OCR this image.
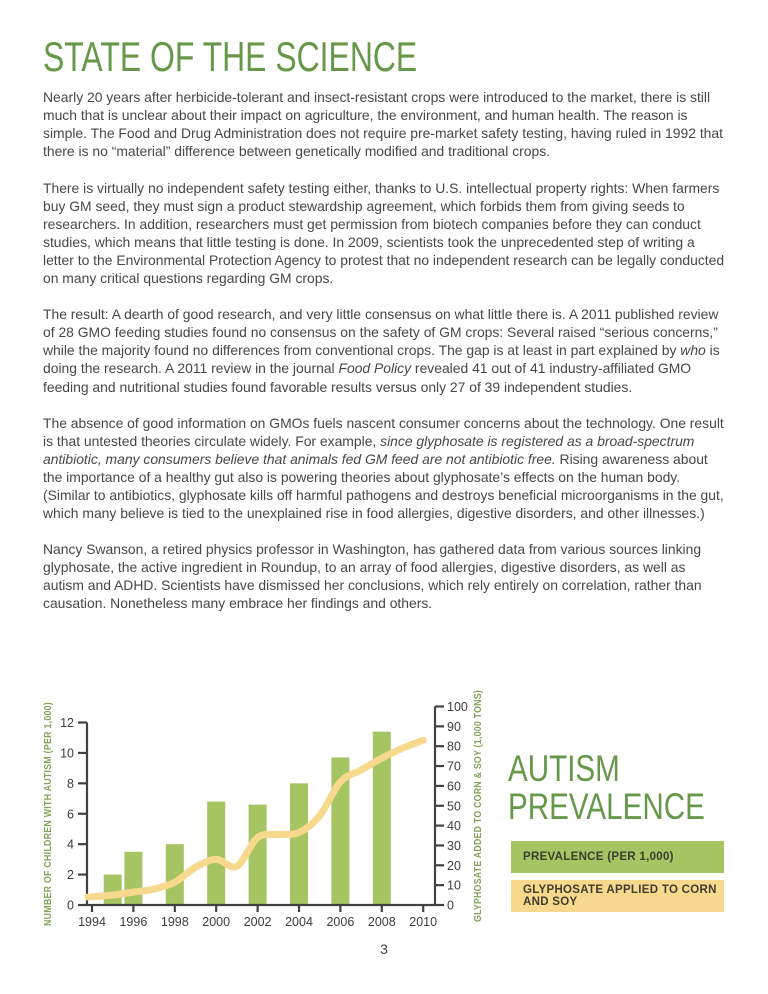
STATE OF THE SCIENCE

Nearly 20 years after herbicide-tolerant and insect-resistant crops were introduced to the market, there is still much that is unclear about their impact on agriculture, the environment, and human health. The reason is simple. The Food and Drug Administration does not require pre-market safety testing, having ruled in 1992 that there is no “material” difference between genetically modified and traditional crops.

There is virtually no independent safety testing either, thanks to U.S. intellectual property rights: When farmers buy GM seed, they must sign a product stewardship agreement, which forbids them from giving seeds to researchers. In addition, researchers must get permission from biotech companies before they can conduct studies, which means that little testing is done. In 2009, scientists took the unprecedented step of writing a letter to the Environmental Protection Agency to protest that no independent research can be legally conducted on many critical questions regarding GM crops.

The result: A dearth of good research, and very little consensus on what little there is. A 2011 published review of 28 GMO feeding studies found no consensus on the safety of GM crops: Several raised “serious concerns,” while the majority found no differences from conventional crops. The gap is at least in part explained by who is doing the research. A 2011 review in the journal Food Policy revealed 41 out of 41 industry-affiliated GMO feeding and nutritional studies found favorable results versus only 27 of 39 independent studies.

The absence of good information on GMOs fuels nascent consumer concerns about the technology. One result is that untested theories circulate widely. For example, since glyphosate is registered as a broad-spectrum antibiotic, many consumers believe that animals fed GM feed are not antibiotic free. Rising awareness about the importance of a healthy gut also is powering theories about glyphosate’s effects on the human body. (Similar to antibiotics, glyphosate kills off harmful pathogens and destroys beneficial microorganisms in the gut, which many believe is tied to the unexplained rise in food allergies, digestive disorders, and other illnesses.)

Nancy Swanson, a retired physics professor in Washington, has gathered data from various sources linking glyphosate, the active ingredient in Roundup, to an array of food allergies, digestive disorders, as well as autism and ADHD. Scientists have dismissed her conclusions, which rely entirely on correlation, rather than causation. Nonetheless many embrace her findings and others.

0
2
4
6
8
10
12
0
10
20
30
40
50
60
70
80
90
100
1994 1996 1998 2000 2002 2004 2006 2008 2010
NUMBER OF CHILDREN WITH AUTISM (PER 1,000)	GLYPHOSATE ADDED TO CORN & SOY (1,000 TONS) AUTISM
PREVALENCE
PREVALENCE (PER 1,000)
GLYPHOSATE APPLIED TO CORN AND SOY
3
